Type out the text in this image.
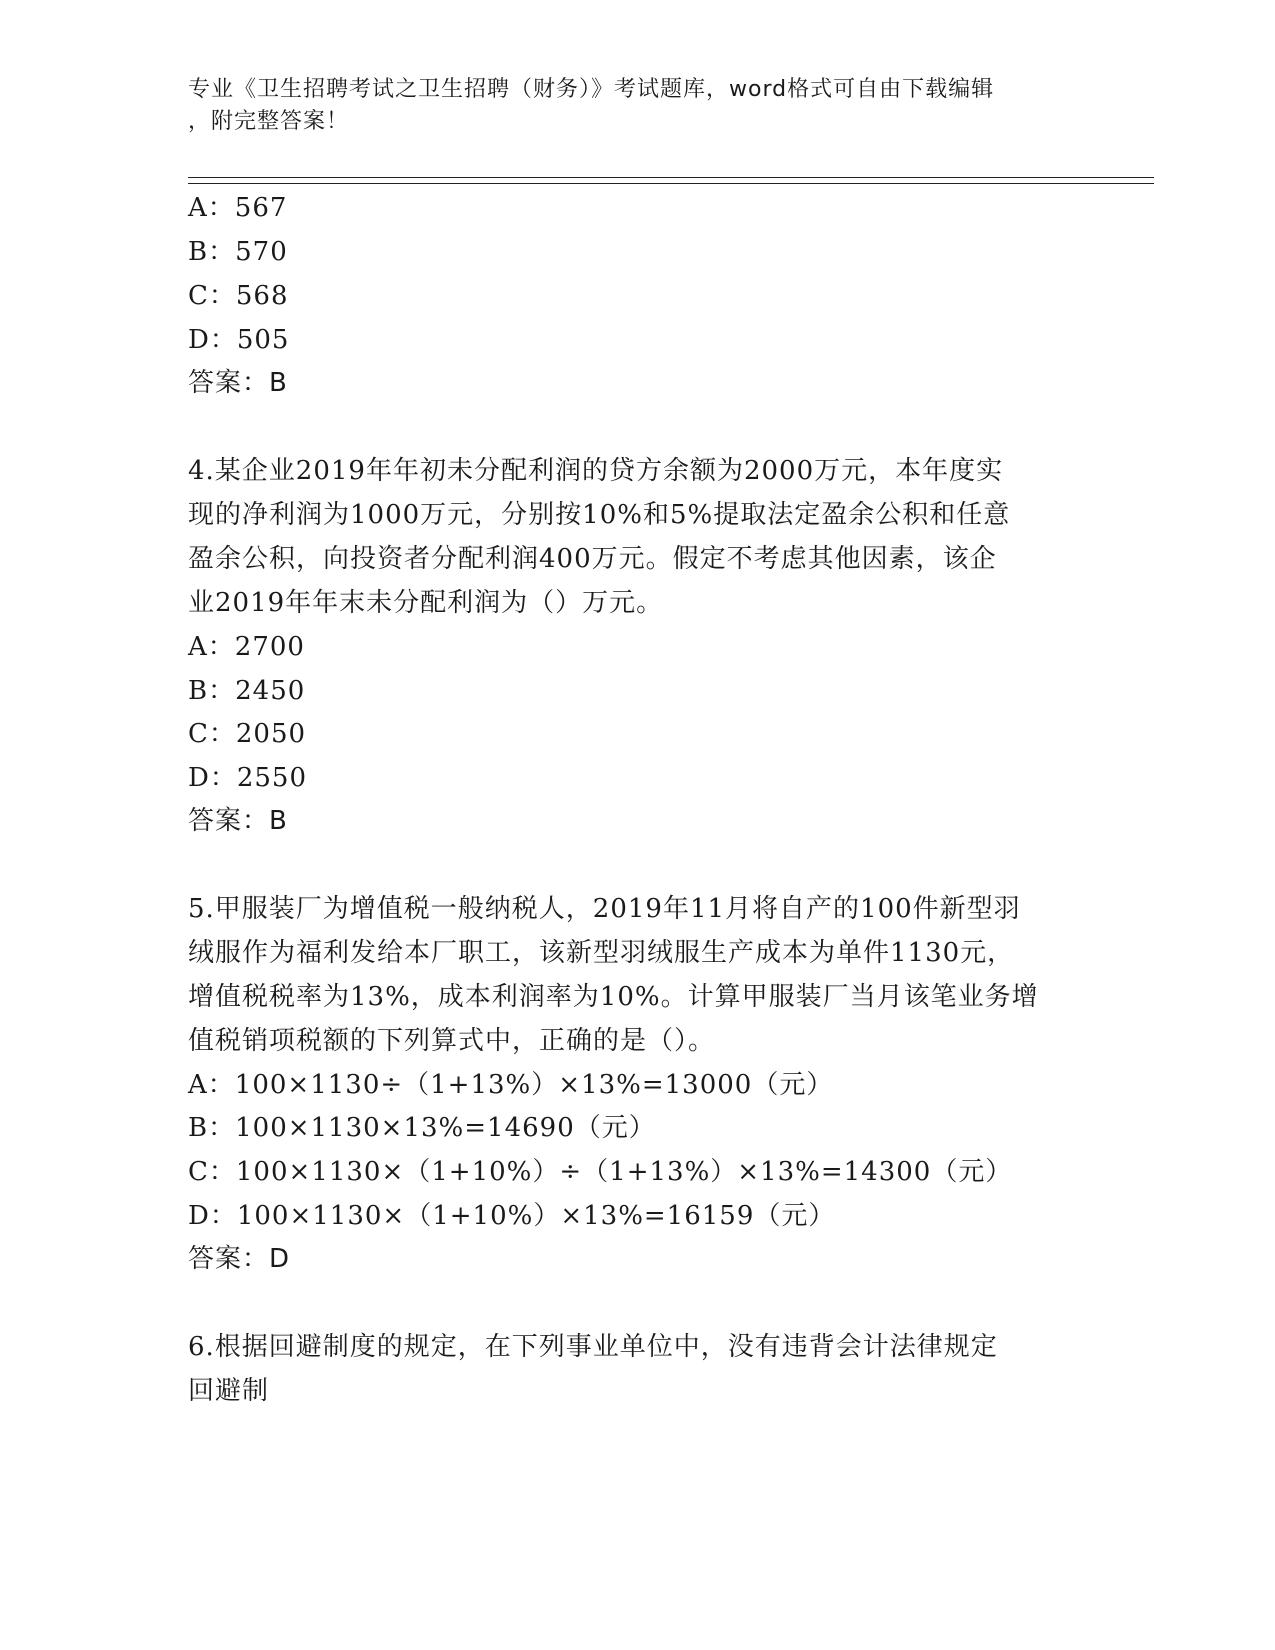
专业《卫生招聘考试之卫生招聘（财务）》考试题库，word格式可自由下载编辑
，附完整答案！
A：567
B：570
C：568
D：505
答案：B
4.某企业2019年年初未分配利润的贷方余额为2000万元，本年度实
现的净利润为1000万元，分别按10%和5%提取法定盈余公积和任意
盈余公积，向投资者分配利润400万元。假定不考虑其他因素，该企
业2019年年末未分配利润为（）万元。
A：2700
B：2450
C：2050
D：2550
答案：B
5.甲服装厂为增值税一般纳税人，2019年11月将自产的100件新型羽
绒服作为福利发给本厂职工，该新型羽绒服生产成本为单件1130元，
增值税税率为13%，成本利润率为10%。计算甲服装厂当月该笔业务增
值税销项税额的下列算式中，正确的是（）。
A：100×1130÷（1+13%）×13%=13000（元）
B：100×1130×13%=14690（元）
C：100×1130×（1+10%）÷（1+13%）×13%=14300（元）
D：100×1130×（1+10%）×13%=16159（元）
答案：D
6.根据回避制度的规定，在下列事业单位中，没有违背会计法律规定
回避制
